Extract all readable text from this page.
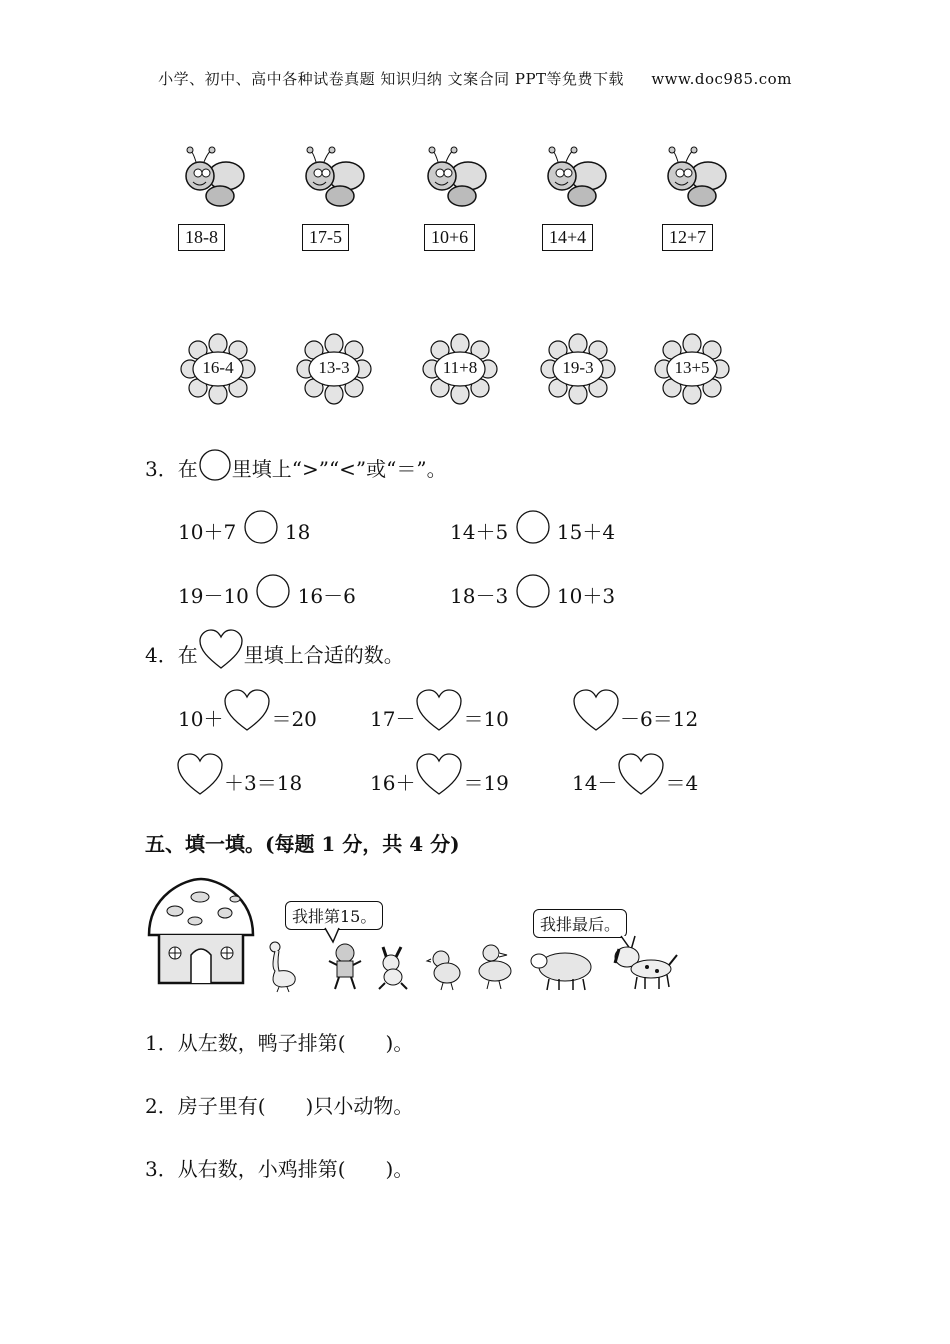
小学、初中、高中各种试卷真题 知识归纳 文案合同 PPT等免费下载 www.doc985.com
18-8	17-5	10+6	14+4	12+7
16-4	13-3	11+8	19-3	13+5
3．在 里填上“>”“<”或“＝”。
10＋7 18	14＋5 15＋4
19－10 16－6	18－3 10＋3
4．在 里填上合适的数。
10＋ ＝20	17－ ＝10	－6＝12
＋3＝18	16＋ ＝19	14－ ＝4
五、填一填。(每题 1 分，共 4 分)
我排第15。	我排最后。
1．从左数，鸭子排第(　　)。
2．房子里有(　　)只小动物。
3．从右数，小鸡排第(　　)。
